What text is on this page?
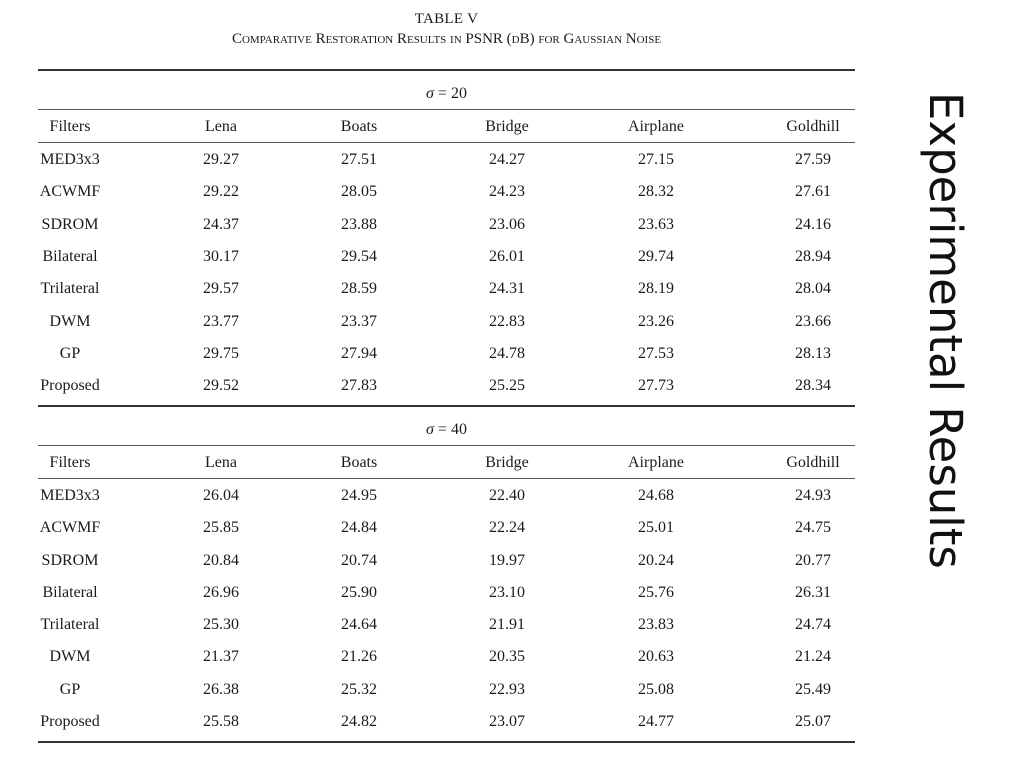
TABLE V
Comparative Restoration Results in PSNR (dB) for Gaussian Noise
σ = 20
Filters	Lena	Boats	Bridge	Airplane	Goldhill
MED3x3	29.27	27.51	24.27	27.15	27.59
ACWMF	29.22	28.05	24.23	28.32	27.61
SDROM	24.37	23.88	23.06	23.63	24.16
Bilateral	30.17	29.54	26.01	29.74	28.94
Trilateral	29.57	28.59	24.31	28.19	28.04
DWM	23.77	23.37	22.83	23.26	23.66
GP	29.75	27.94	24.78	27.53	28.13
Proposed	29.52	27.83	25.25	27.73	28.34
σ = 40
Filters	Lena	Boats	Bridge	Airplane	Goldhill
MED3x3	26.04	24.95	22.40	24.68	24.93
ACWMF	25.85	24.84	22.24	25.01	24.75
SDROM	20.84	20.74	19.97	20.24	20.77
Bilateral	26.96	25.90	23.10	25.76	26.31
Trilateral	25.30	24.64	21.91	23.83	24.74
DWM	21.37	21.26	20.35	20.63	21.24
GP	26.38	25.32	22.93	25.08	25.49
Proposed	25.58	24.82	23.07	24.77	25.07
Experimental Results
